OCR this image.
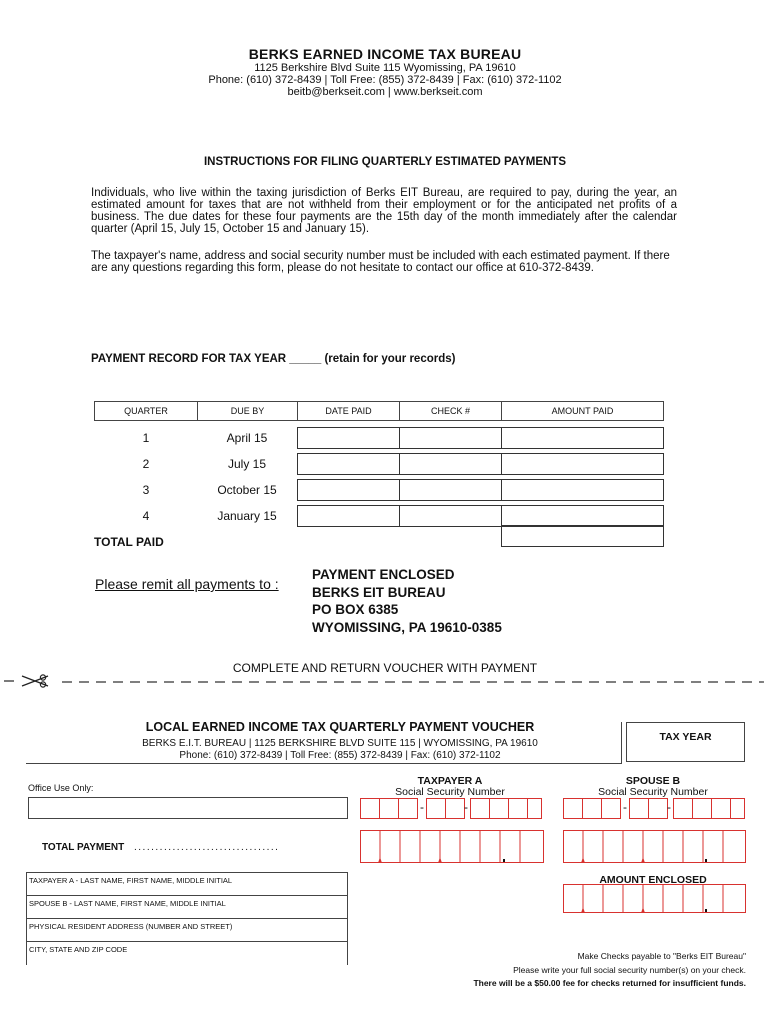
BERKS EARNED INCOME TAX BUREAU
1125 Berkshire Blvd Suite 115 Wyomissing, PA 19610
Phone: (610) 372-8439 | Toll Free: (855) 372-8439 | Fax: (610) 372-1102
beitb@berkseit.com | www.berkseit.com
INSTRUCTIONS FOR FILING QUARTERLY ESTIMATED PAYMENTS
Individuals, who live within the taxing jurisdiction of Berks EIT Bureau, are required to pay, during the year, an estimated amount for taxes that are not withheld from their employment or for the anticipated net profits of a business. The due dates for these four payments are the 15th day of the month immediately after the calendar quarter (April 15, July 15, October 15 and January 15).
The taxpayer's name, address and social security number must be included with each estimated payment. If there are any questions regarding this form, please do not hesitate to contact our office at 610-372-8439.
PAYMENT RECORD FOR TAX YEAR _____ (retain for your records)
QUARTER	DUE BY	DATE PAID	CHECK #	AMOUNT PAID
1	April 15
2	July 15
3	October 15
4	January 15
TOTAL PAID
Please remit all payments to :
PAYMENT ENCLOSED
BERKS EIT BUREAU
PO BOX 6385
WYOMISSING, PA 19610-0385
COMPLETE AND RETURN VOUCHER WITH PAYMENT
LOCAL EARNED INCOME TAX QUARTERLY PAYMENT VOUCHER
BERKS E.I.T. BUREAU | 1125 BERKSHIRE BLVD SUITE 115 | WYOMISSING, PA 19610
Phone: (610) 372-8439 | Toll Free: (855) 372-8439 | Fax: (610) 372-1102
TAX YEAR
Office Use Only:
TAXPAYER A
Social Security Number
SPOUSE B
Social Security Number
-	-	-	-
TOTAL PAYMENT ..................................
TAXPAYER A - LAST NAME, FIRST NAME, MIDDLE INITIAL
SPOUSE B - LAST NAME, FIRST NAME, MIDDLE INITIAL
PHYSICAL RESIDENT ADDRESS (NUMBER AND STREET)
CITY, STATE AND ZIP CODE
AMOUNT ENCLOSED
Make Checks payable to "Berks EIT Bureau"
Please write your full social security number(s) on your check.
There will be a $50.00 fee for checks returned for insufficient funds.
